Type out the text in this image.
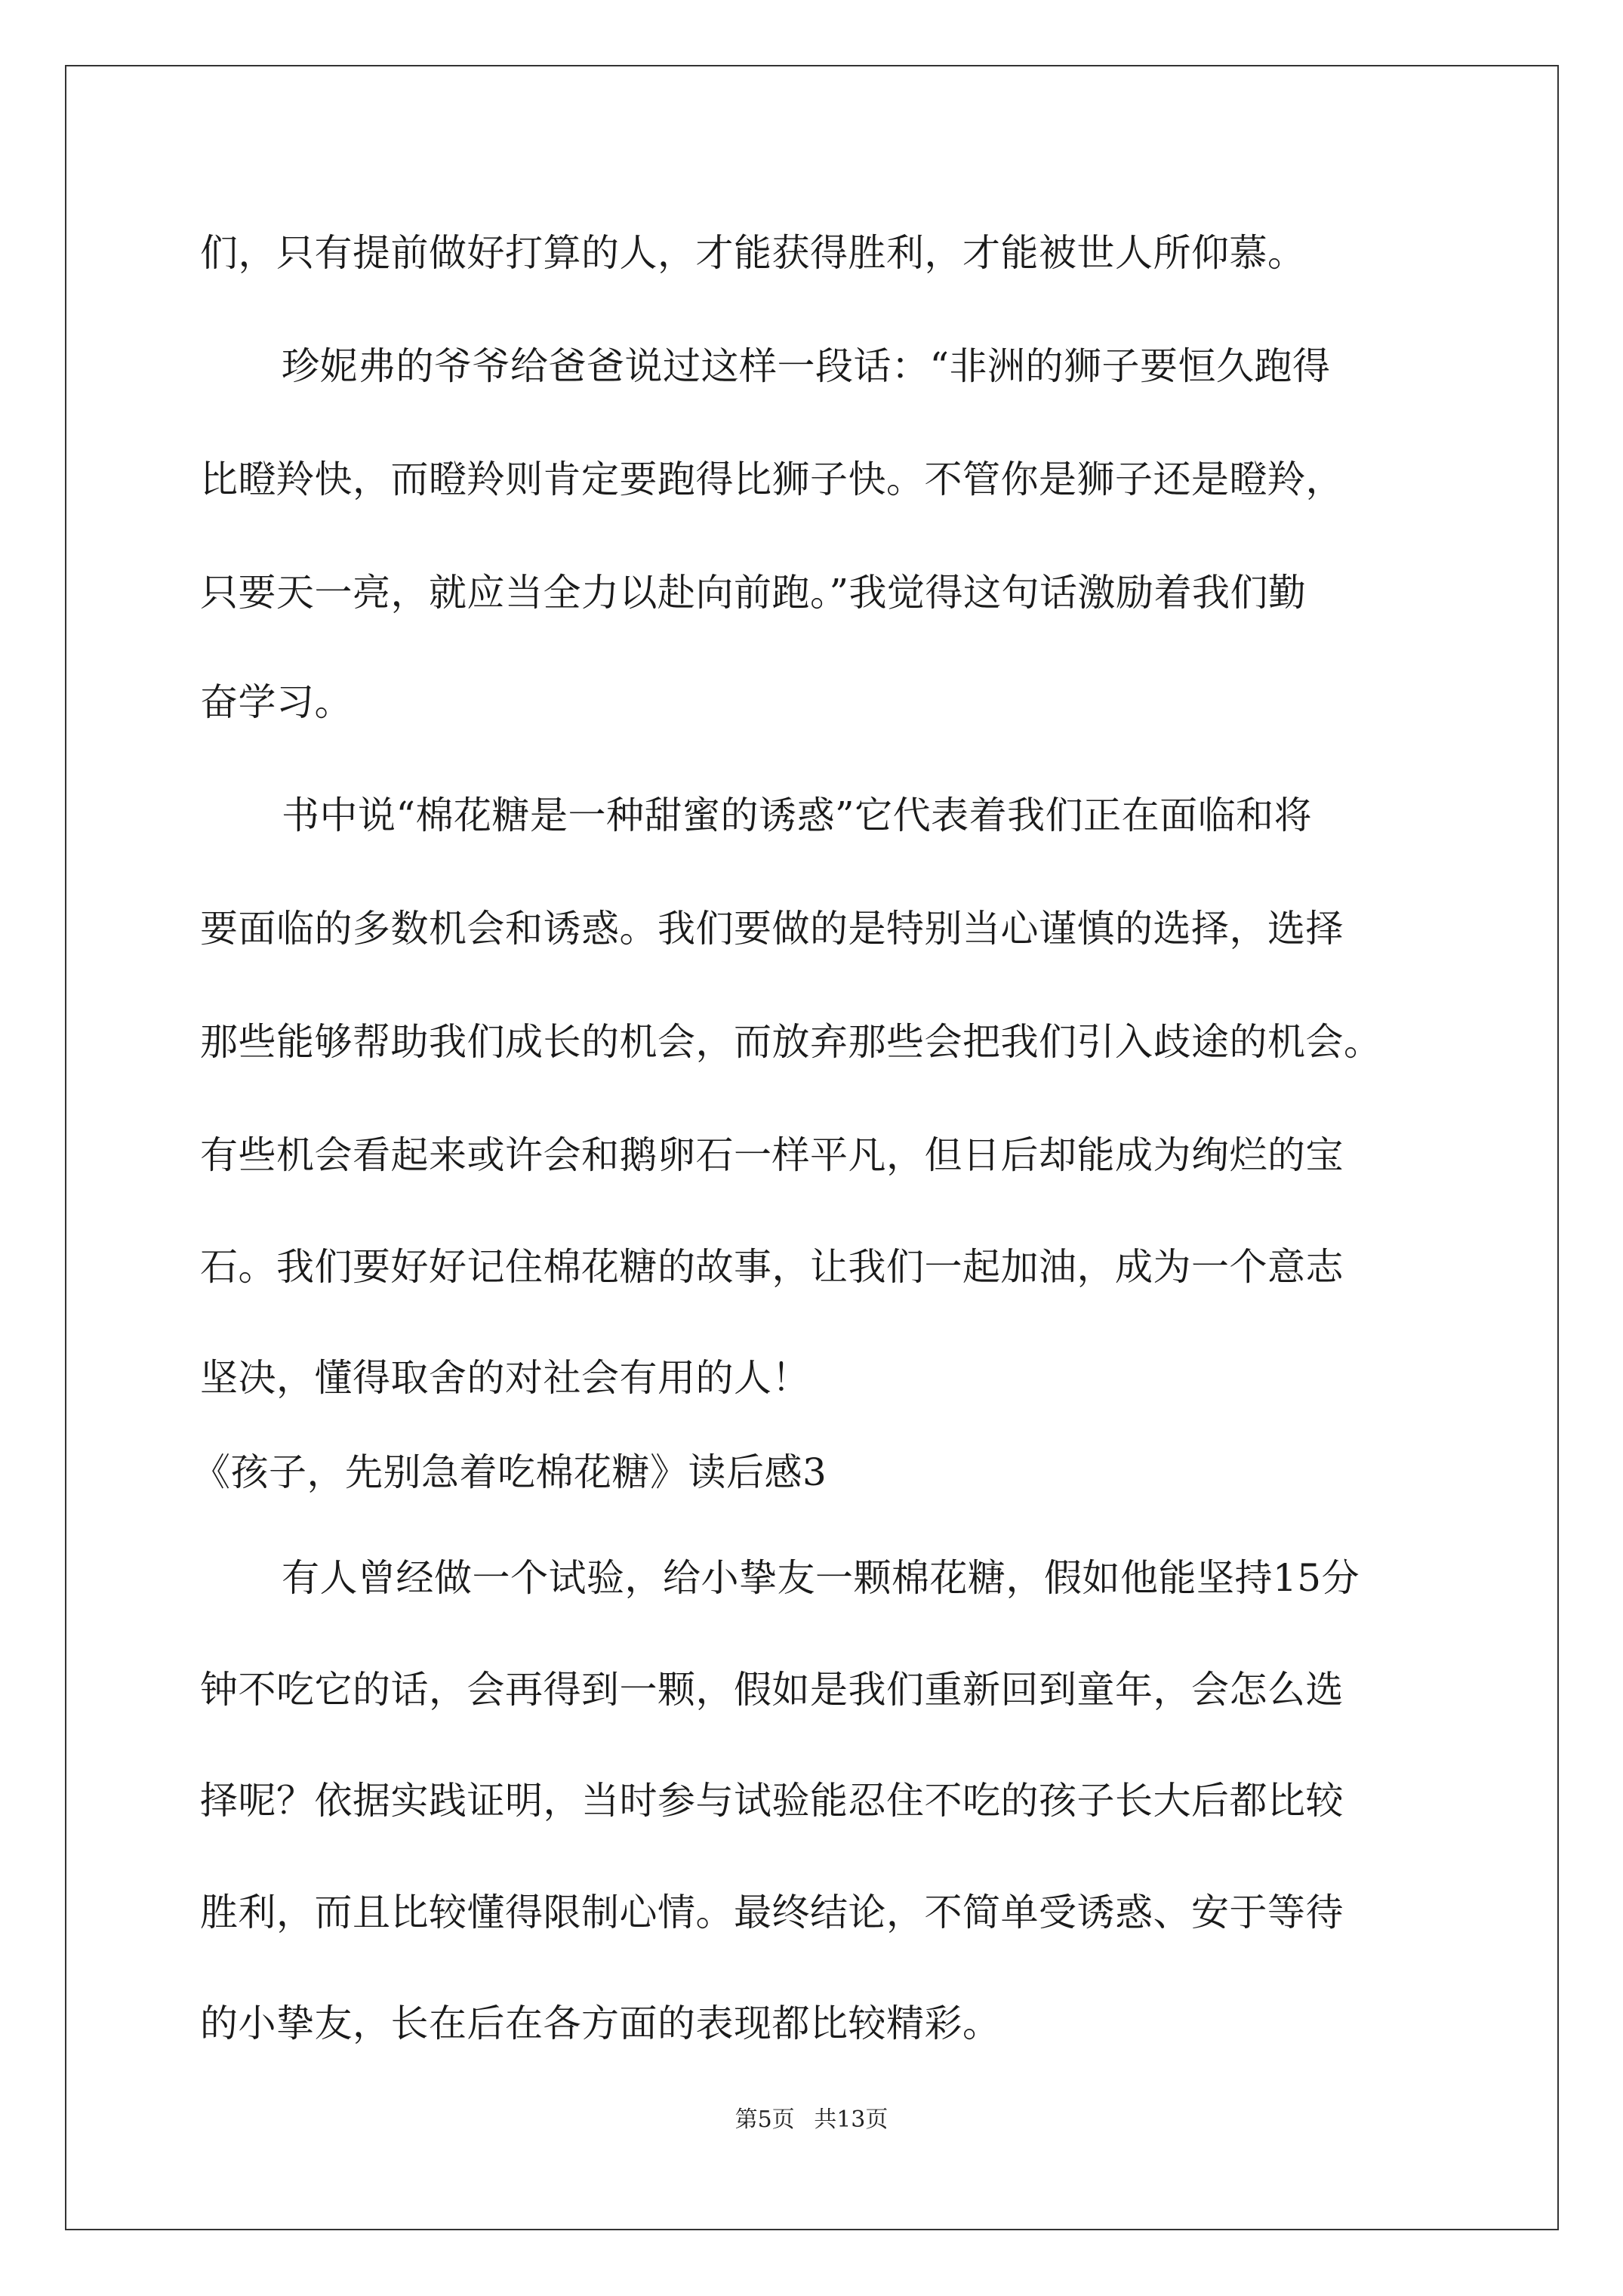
们，只有提前做好打算的人，才能获得胜利，才能被世人所仰慕。
珍妮弗的爷爷给爸爸说过这样一段话：“非洲的狮子要恒久跑得
比瞪羚快，而瞪羚则肯定要跑得比狮子快。不管你是狮子还是瞪羚，
只要天一亮，就应当全力以赴向前跑。”我觉得这句话激励着我们勤
奋学习。
书中说“棉花糖是一种甜蜜的诱惑”它代表着我们正在面临和将
要面临的多数机会和诱惑。我们要做的是特别当心谨慎的选择，选择
那些能够帮助我们成长的机会，而放弃那些会把我们引入歧途的机会。
有些机会看起来或许会和鹅卵石一样平凡，但日后却能成为绚烂的宝
石。我们要好好记住棉花糖的故事，让我们一起加油，成为一个意志
坚决，懂得取舍的对社会有用的人！
《孩子，先别急着吃棉花糖》读后感3
有人曾经做一个试验，给小挚友一颗棉花糖，假如他能坚持15分
钟不吃它的话，会再得到一颗，假如是我们重新回到童年，会怎么选
择呢？依据实践证明，当时参与试验能忍住不吃的孩子长大后都比较
胜利，而且比较懂得限制心情。最终结论，不简单受诱惑、安于等待
的小挚友，长在后在各方面的表现都比较精彩。
第5页 共13页
